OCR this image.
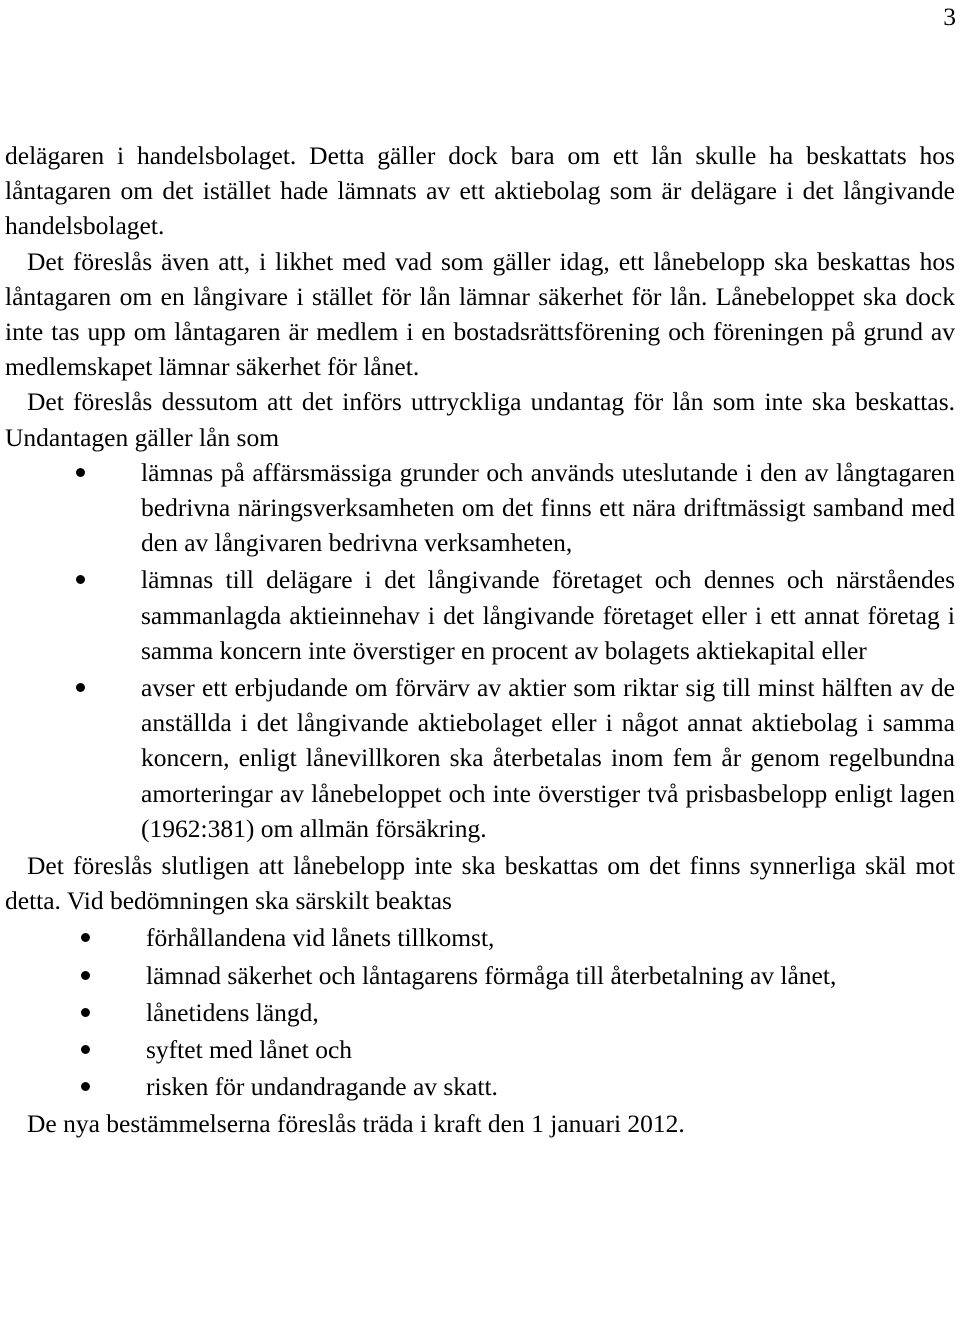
3

delägaren i handelsbolaget. Detta gäller dock bara om ett lån skulle ha beskattats hos låntagaren om det istället hade lämnats av ett aktiebolag som är delägare i det långivande handelsbolaget.

Det föreslås även att, i likhet med vad som gäller idag, ett lånebelopp ska beskattas hos låntagaren om en långivare i stället för lån lämnar säkerhet för lån. Lånebeloppet ska dock inte tas upp om låntagaren är medlem i en bostadsrättsförening och föreningen på grund av medlemskapet lämnar säkerhet för lånet.

Det föreslås dessutom att det införs uttryckliga undantag för lån som inte ska beskattas. Undantagen gäller lån som

lämnas på affärsmässiga grunder och används uteslutande i den av långtagaren bedrivna näringsverksamheten om det finns ett nära driftmässigt samband med den av långivaren bedrivna verksamheten,
lämnas till delägare i det långivande företaget och dennes och närståendes sammanlagda aktieinnehav i det långivande företaget eller i ett annat företag i samma koncern inte överstiger en procent av bolagets aktiekapital eller
avser ett erbjudande om förvärv av aktier som riktar sig till minst hälften av de anställda i det långivande aktiebolaget eller i något annat aktiebolag i samma koncern, enligt lånevillkoren ska återbetalas inom fem år genom regelbundna amorteringar av lånebeloppet och inte överstiger två prisbasbelopp enligt lagen (1962:381) om allmän försäkring.

Det föreslås slutligen att lånebelopp inte ska beskattas om det finns synnerliga skäl mot detta. Vid bedömningen ska särskilt beaktas

förhållandena vid lånets tillkomst,
lämnad säkerhet och låntagarens förmåga till återbetalning av lånet,
lånetidens längd,
syftet med lånet och
risken för undandragande av skatt.

De nya bestämmelserna föreslås träda i kraft den 1 januari 2012.
